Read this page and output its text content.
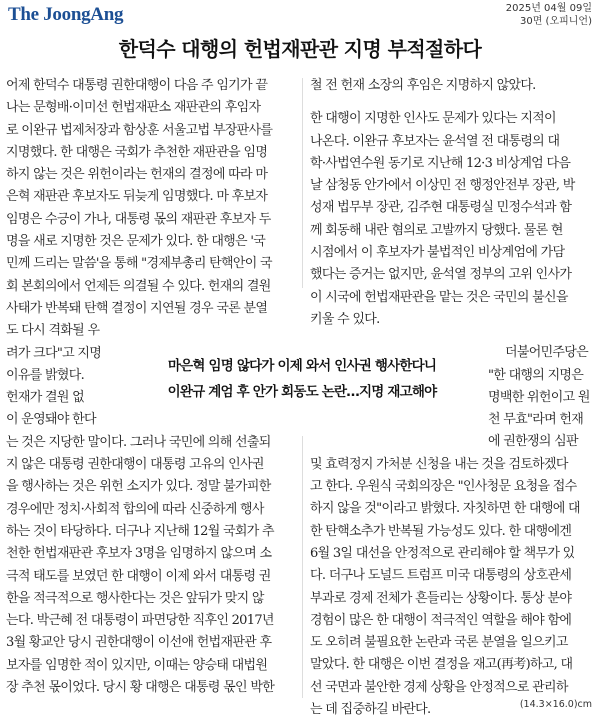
The JoongAng	2025년 04월 09일
30면 (오피니언)
한덕수 대행의 헌법재판관 지명 부적절하다
어제 한덕수 대통령 권한대행이 다음 주 임기가 끝
나는 문형배·이미선 헌법재판소 재판관의 후임자
로 이완규 법제처장과 함상훈 서울고법 부장판사를
지명했다. 한 대행은 국회가 추천한 재판관을 임명
하지 않는 것은 위헌이라는 헌재의 결정에 따라 마
은혁 재판관 후보자도 뒤늦게 임명했다. 마 후보자
임명은 수긍이 가나, 대통령 몫의 재판관 후보자 두
명을 새로 지명한 것은 문제가 있다. 한 대행은 '국
민께 드리는 말씀'을 통해 "경제부총리 탄핵안이 국
회 본회의에서 언제든 의결될 수 있다. 헌재의 결원
사태가 반복돼 탄핵 결정이 지연될 경우 국론 분열
도 다시 격화될 우
려가 크다"고 지명
이유를 밝혔다.
헌재가 결원 없
이 운영돼야 한다
는 것은 지당한 말이다. 그러나 국민에 의해 선출되
지 않은 대통령 권한대행이 대통령 고유의 인사권
을 행사하는 것은 위헌 소지가 있다. 정말 불가피한
경우에만 정치·사회적 합의에 따라 신중하게 행사
하는 것이 타당하다. 더구나 지난해 12월 국회가 추
천한 헌법재판관 후보자 3명을 임명하지 않으며 소
극적 태도를 보였던 한 대행이 이제 와서 대통령 권
한을 적극적으로 행사한다는 것은 앞뒤가 맞지 않
는다. 박근혜 전 대통령이 파면당한 직후인 2017년
3월 황교안 당시 권한대행이 이선애 헌법재판관 후
보자를 임명한 적이 있지만, 이때는 양승태 대법원
장 추천 몫이었다. 당시 황 대행은 대통령 몫인 박한
철 전 헌재 소장의 후임은 지명하지 않았다.
한 대행이 지명한 인사도 문제가 있다는 지적이
나온다. 이완규 후보자는 윤석열 전 대통령의 대
학·사법연수원 동기로 지난해 12·3 비상계엄 다음
날 삼청동 안가에서 이상민 전 행정안전부 장관, 박
성재 법무부 장관, 김주현 대통령실 민정수석과 함
께 회동해 내란 혐의로 고발까지 당했다. 물론 현
시점에서 이 후보자가 불법적인 비상계엄에 가담
했다는 증거는 없지만, 윤석열 정부의 고위 인사가
이 시국에 헌법재판관을 맡는 것은 국민의 불신을
키울 수 있다.
더불어민주당은
"한 대행의 지명은
명백한 위헌이고 원
천 무효"라며 헌재
에 권한쟁의 심판
및 효력정지 가처분 신청을 내는 것을 검토하겠다
고 한다. 우원식 국회의장은 "인사청문 요청을 접수
하지 않을 것"이라고 밝혔다. 자칫하면 한 대행에 대
한 탄핵소추가 반복될 가능성도 있다. 한 대행에겐
6월 3일 대선을 안정적으로 관리해야 할 책무가 있
다. 더구나 도널드 트럼프 미국 대통령의 상호관세
부과로 경제 전체가 흔들리는 상황이다. 통상 분야
경험이 많은 한 대행이 적극적인 역할을 해야 함에
도 오히려 불필요한 논란과 국론 분열을 일으키고
말았다. 한 대행은 이번 결정을 재고(再考)하고, 대
선 국면과 불안한 경제 상황을 안정적으로 관리하
는 데 집중하길 바란다.
마은혁 임명 않다가 이제 와서 인사권 행사한다니
이완규 계엄 후 안가 회동도 논란…지명 재고해야
(14.3×16.0)cm
